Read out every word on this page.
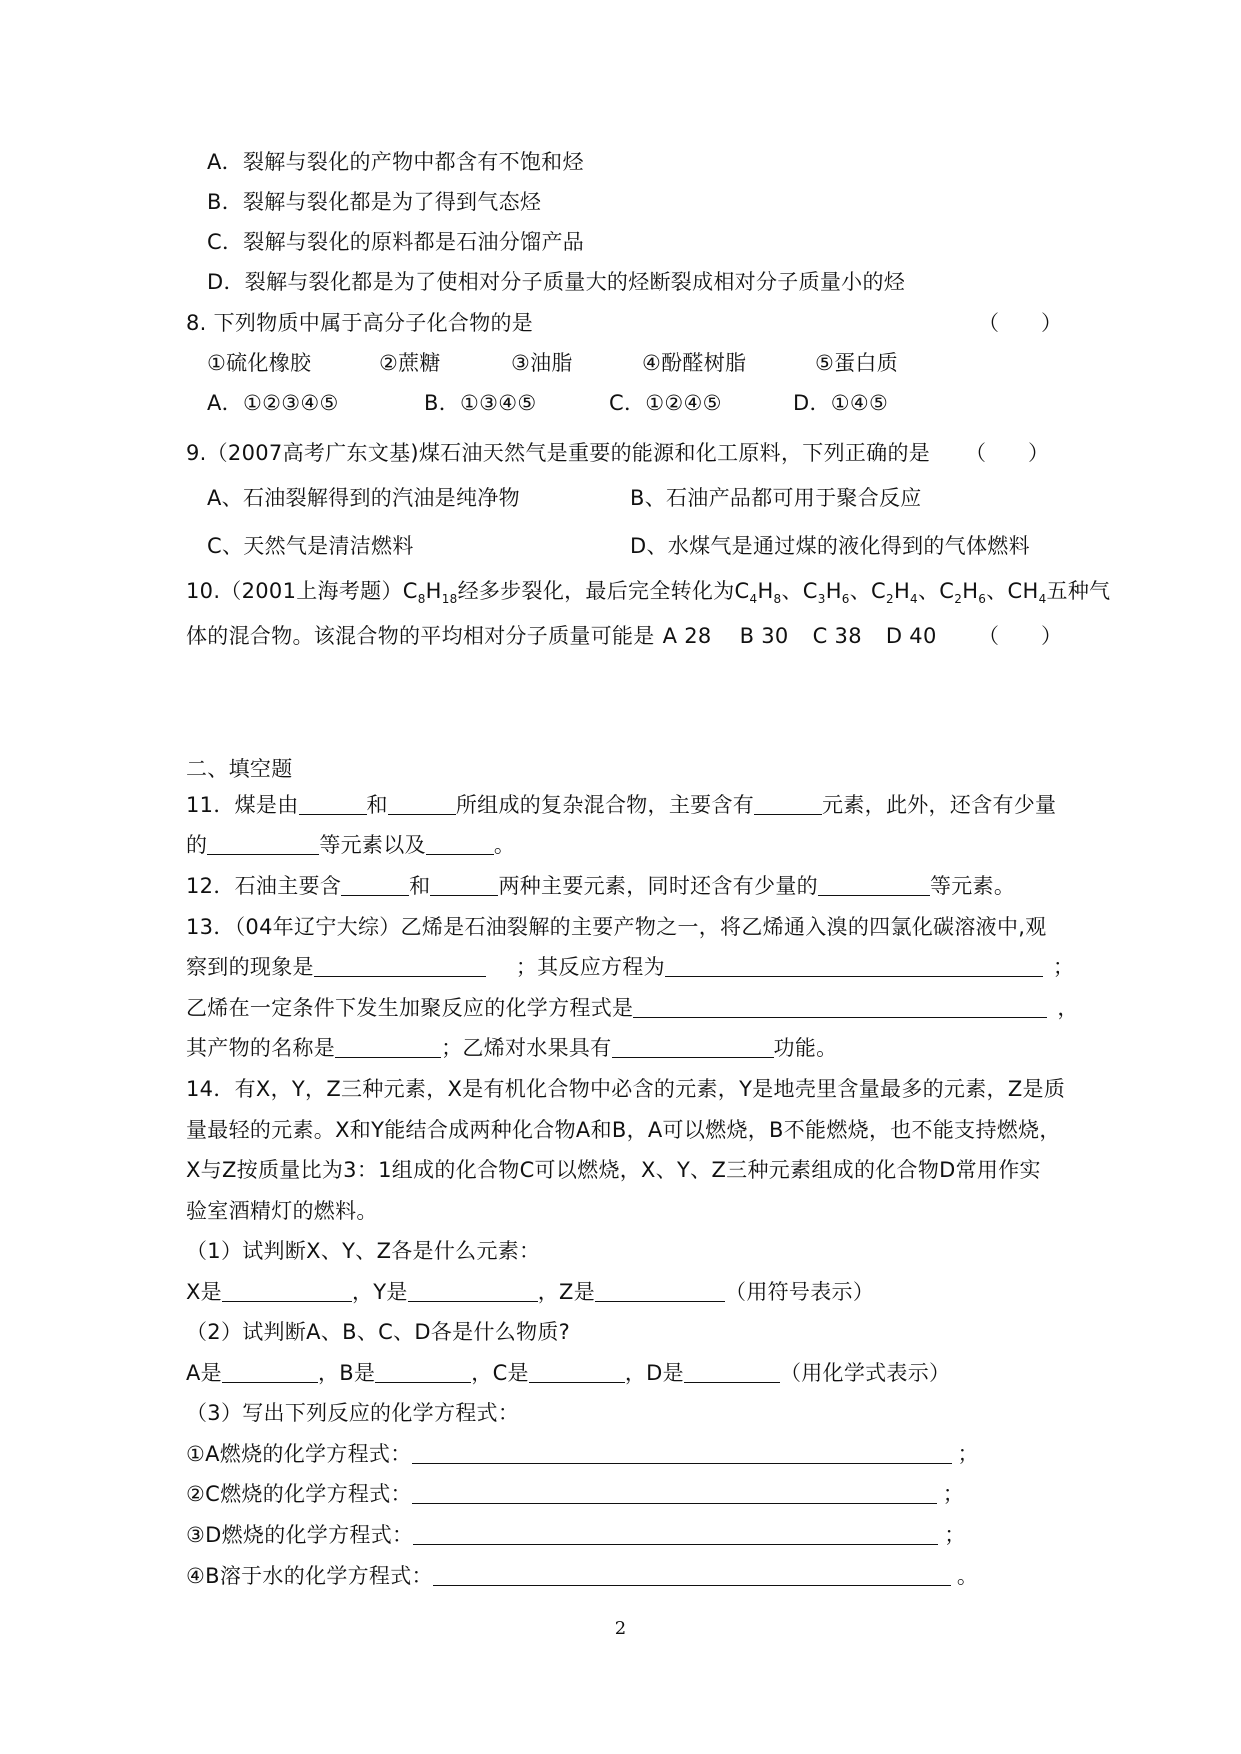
A．裂解与裂化的产物中都含有不饱和烃
B．裂解与裂化都是为了得到气态烃
C．裂解与裂化的原料都是石油分馏产品
D．裂解与裂化都是为了使相对分子质量大的烃断裂成相对分子质量小的烃
8. 下列物质中属于高分子化合物的是	（　　）
①硫化橡胶	②蔗糖	③油脂	④酚醛树脂	⑤蛋白质
A．①②③④⑤	B．①③④⑤	C．①②④⑤	D．①④⑤
9.（2007高考广东文基)煤石油天然气是重要的能源和化工原料，下列正确的是 （　　）
A、石油裂解得到的汽油是纯净物	B、石油产品都可用于聚合反应
C、天然气是清洁燃料	D、水煤气是通过煤的液化得到的气体燃料
10.（2001上海考题）$C_8H_{18}$经多步裂化，最后完全转化为$C_4H_8$、$C_3H_6$、$C_2H_4$、$C_2H_6$、$CH_4$五种气
体的混合物。该混合物的平均相对分子质量可能是 A 28 B 30 C 38 D 40 （　　）
二、填空题
11．煤是由	和	所组成的复杂混合物，主要含有	元素，此外，还含有少量
的	等元素以及	。
12．石油主要含	和	两种主要元素，同时还含有少量的	等元素。
13．（04年辽宁大综）乙烯是石油裂解的主要产物之一，将乙烯通入溴的四氯化碳溶液中,观
察到的现象是	；其反应方程为	；
乙烯在一定条件下发生加聚反应的化学方程式是	，
其产物的名称是	；乙烯对水果具有	功能。
14．有X，Y，Z三种元素，X是有机化合物中必含的元素，Y是地壳里含量最多的元素，Z是质
量最轻的元素。X和Y能结合成两种化合物A和B，A可以燃烧，B不能燃烧，也不能支持燃烧，
X与Z按质量比为3：1组成的化合物C可以燃烧，X、Y、Z三种元素组成的化合物D常用作实
验室酒精灯的燃料。
（1）试判断X、Y、Z各是什么元素：
X是	，Y是	，Z是	（用符号表示）
（2）试判断A、B、C、D各是什么物质?
A是	，B是	，C是	，D是	（用化学式表示）
（3）写出下列反应的化学方程式：
①A燃烧的化学方程式：	；
②C燃烧的化学方程式：	；
③D燃烧的化学方程式：	；
④B溶于水的化学方程式：	。
2
